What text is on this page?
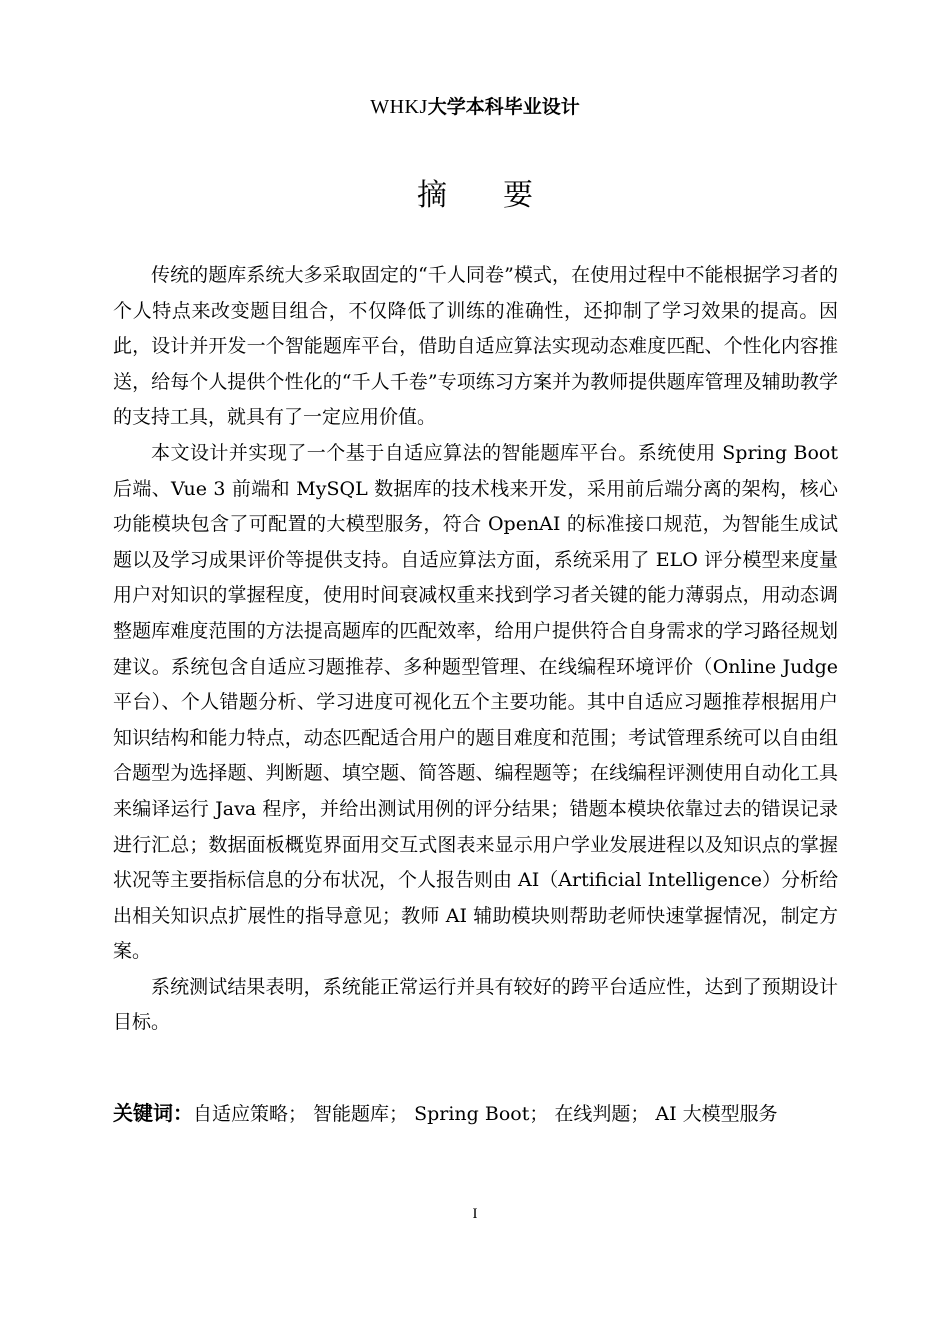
WHKJ大学本科毕业设计
摘要

传统的题库系统大多采取固定的“千人同卷”模式，在使用过程中不能根据学习者的个人特点来改变题目组合，不仅降低了训练的准确性，还抑制了学习效果的提高。因此，设计并开发一个智能题库平台，借助自适应算法实现动态难度匹配、个性化内容推送，给每个人提供个性化的“千人千卷”专项练习方案并为教师提供题库管理及辅助教学的支持工具，就具有了一定应用价值。

本文设计并实现了一个基于自适应算法的智能题库平台。系统使用 Spring Boot 后端、Vue 3 前端和 MySQL 数据库的技术栈来开发，采用前后端分离的架构，核心功能模块包含了可配置的大模型服务，符合 OpenAI 的标准接口规范，为智能生成试题以及学习成果评价等提供支持。自适应算法方面，系统采用了 ELO 评分模型来度量用户对知识的掌握程度，使用时间衰减权重来找到学习者关键的能力薄弱点，用动态调整题库难度范围的方法提高题库的匹配效率，给用户提供符合自身需求的学习路径规划建议。系统包含自适应习题推荐、多种题型管理、在线编程环境评价（Online Judge 平台）、个人错题分析、学习进度可视化五个主要功能。其中自适应习题推荐根据用户知识结构和能力特点，动态匹配适合用户的题目难度和范围；考试管理系统可以自由组合题型为选择题、判断题、填空题、简答题、编程题等；在线编程评测使用自动化工具来编译运行 Java 程序，并给出测试用例的评分结果；错题本模块依靠过去的错误记录进行汇总；数据面板概览界面用交互式图表来显示用户学业发展进程以及知识点的掌握状况等主要指标信息的分布状况，个人报告则由 AI（Artificial Intelligence）分析给出相关知识点扩展性的指导意见；教师 AI 辅助模块则帮助老师快速掌握情况，制定方案。

系统测试结果表明，系统能正常运行并具有较好的跨平台适应性，达到了预期设计目标。

关键词：自适应策略； 智能题库； Spring Boot； 在线判题； AI 大模型服务
I
